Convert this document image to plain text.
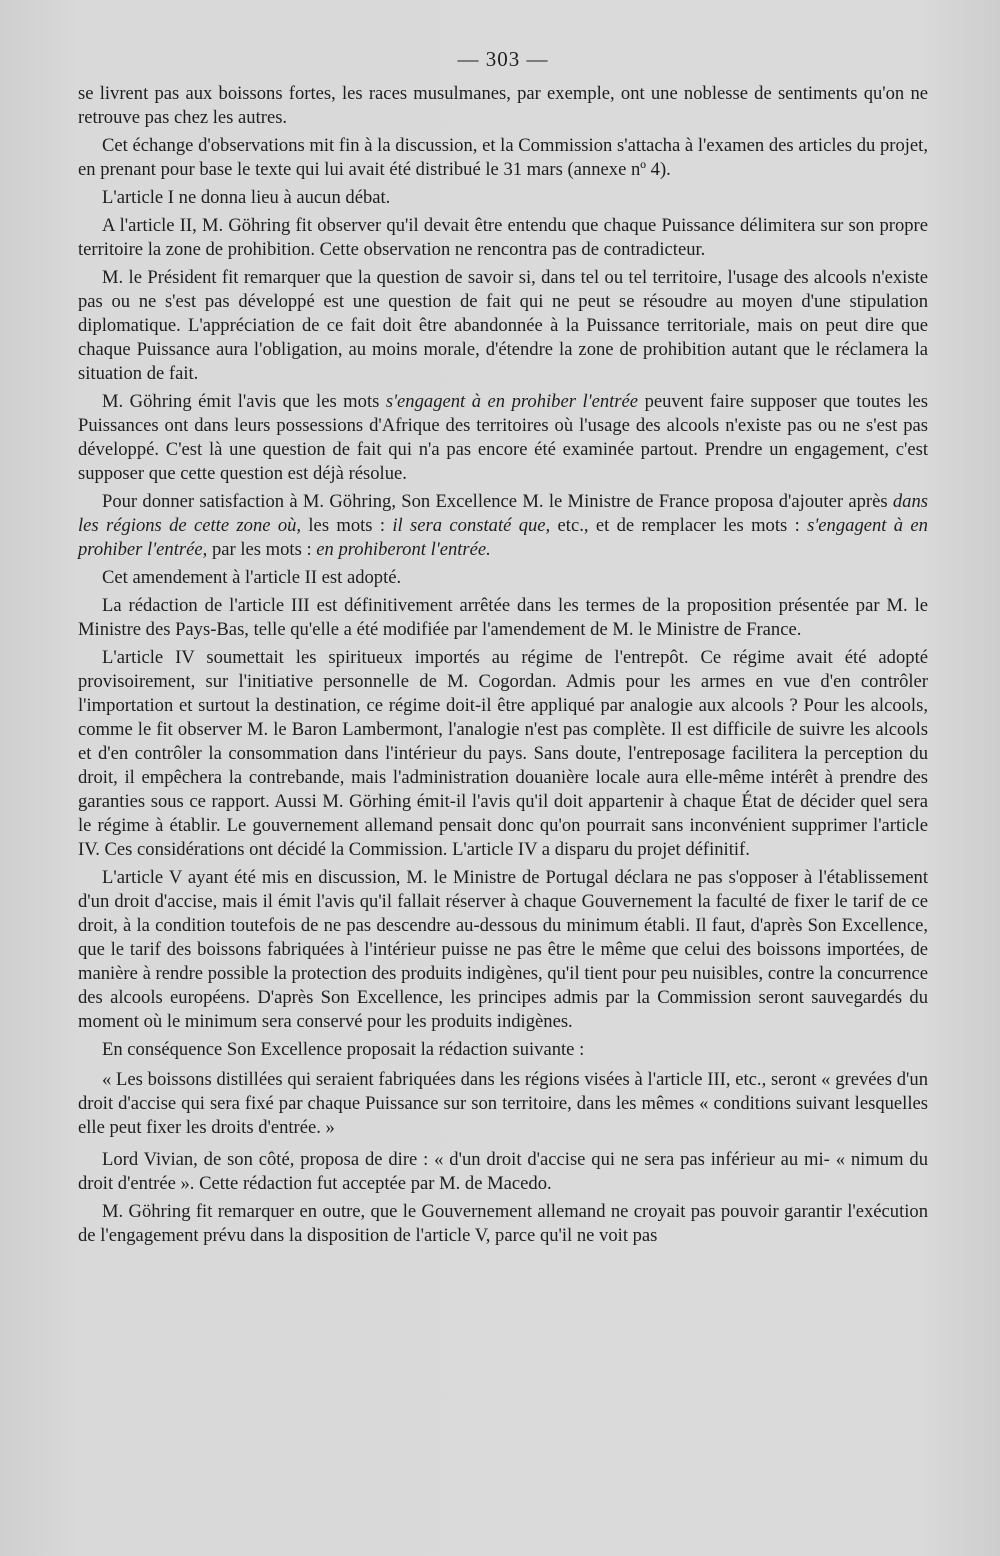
— 303 —

se livrent pas aux boissons fortes, les races musulmanes, par exemple, ont une noblesse de sentiments qu'on ne retrouve pas chez les autres.

Cet échange d'observations mit fin à la discussion, et la Commission s'attacha à l'examen des articles du projet, en prenant pour base le texte qui lui avait été distribué le 31 mars (annexe nº 4).

L'article I ne donna lieu à aucun débat.

A l'article II, M. Göhring fit observer qu'il devait être entendu que chaque Puissance délimitera sur son propre territoire la zone de prohibition. Cette observation ne rencontra pas de contradicteur.

M. le Président fit remarquer que la question de savoir si, dans tel ou tel territoire, l'usage des alcools n'existe pas ou ne s'est pas développé est une question de fait qui ne peut se résoudre au moyen d'une stipulation diplomatique. L'appréciation de ce fait doit être abandonnée à la Puissance territoriale, mais on peut dire que chaque Puissance aura l'obligation, au moins morale, d'étendre la zone de prohibition autant que le réclamera la situation de fait.

M. Göhring émit l'avis que les mots s'engagent à en prohiber l'entrée peuvent faire supposer que toutes les Puissances ont dans leurs possessions d'Afrique des territoires où l'usage des alcools n'existe pas ou ne s'est pas développé. C'est là une question de fait qui n'a pas encore été examinée partout. Prendre un engagement, c'est supposer que cette question est déjà résolue.

Pour donner satisfaction à M. Göhring, Son Excellence M. le Ministre de France proposa d'ajouter après dans les régions de cette zone où, les mots : il sera constaté que, etc., et de remplacer les mots : s'engagent à en prohiber l'entrée, par les mots : en prohiberont l'entrée.

Cet amendement à l'article II est adopté.

La rédaction de l'article III est définitivement arrêtée dans les termes de la proposition présentée par M. le Ministre des Pays-Bas, telle qu'elle a été modifiée par l'amendement de M. le Ministre de France.

L'article IV soumettait les spiritueux importés au régime de l'entrepôt. Ce régime avait été adopté provisoirement, sur l'initiative personnelle de M. Cogordan. Admis pour les armes en vue d'en contrôler l'importation et surtout la destination, ce régime doit-il être appliqué par analogie aux alcools ? Pour les alcools, comme le fit observer M. le Baron Lambermont, l'analogie n'est pas complète. Il est difficile de suivre les alcools et d'en contrôler la consommation dans l'intérieur du pays. Sans doute, l'entreposage facilitera la perception du droit, il empêchera la contrebande, mais l'administration douanière locale aura elle-même intérêt à prendre des garanties sous ce rapport. Aussi M. Görhing émit-il l'avis qu'il doit appartenir à chaque État de décider quel sera le régime à établir. Le gouvernement allemand pensait donc qu'on pourrait sans inconvénient supprimer l'article IV. Ces considérations ont décidé la Commission. L'article IV a disparu du projet définitif.

L'article V ayant été mis en discussion, M. le Ministre de Portugal déclara ne pas s'opposer à l'établissement d'un droit d'accise, mais il émit l'avis qu'il fallait réserver à chaque Gouvernement la faculté de fixer le tarif de ce droit, à la condition toutefois de ne pas descendre au-dessous du minimum établi. Il faut, d'après Son Excellence, que le tarif des boissons fabriquées à l'intérieur puisse ne pas être le même que celui des boissons importées, de manière à rendre possible la protection des produits indigènes, qu'il tient pour peu nuisibles, contre la concurrence des alcools européens. D'après Son Excellence, les principes admis par la Commission seront sauvegardés du moment où le minimum sera conservé pour les produits indigènes.

En conséquence Son Excellence proposait la rédaction suivante :

« Les boissons distillées qui seraient fabriquées dans les régions visées à l'article III, etc., seront « grevées d'un droit d'accise qui sera fixé par chaque Puissance sur son territoire, dans les mêmes « conditions suivant lesquelles elle peut fixer les droits d'entrée. »

Lord Vivian, de son côté, proposa de dire : « d'un droit d'accise qui ne sera pas inférieur au mi- « nimum du droit d'entrée ». Cette rédaction fut acceptée par M. de Macedo.

M. Göhring fit remarquer en outre, que le Gouvernement allemand ne croyait pas pouvoir garantir l'exécution de l'engagement prévu dans la disposition de l'article V, parce qu'il ne voit pas
